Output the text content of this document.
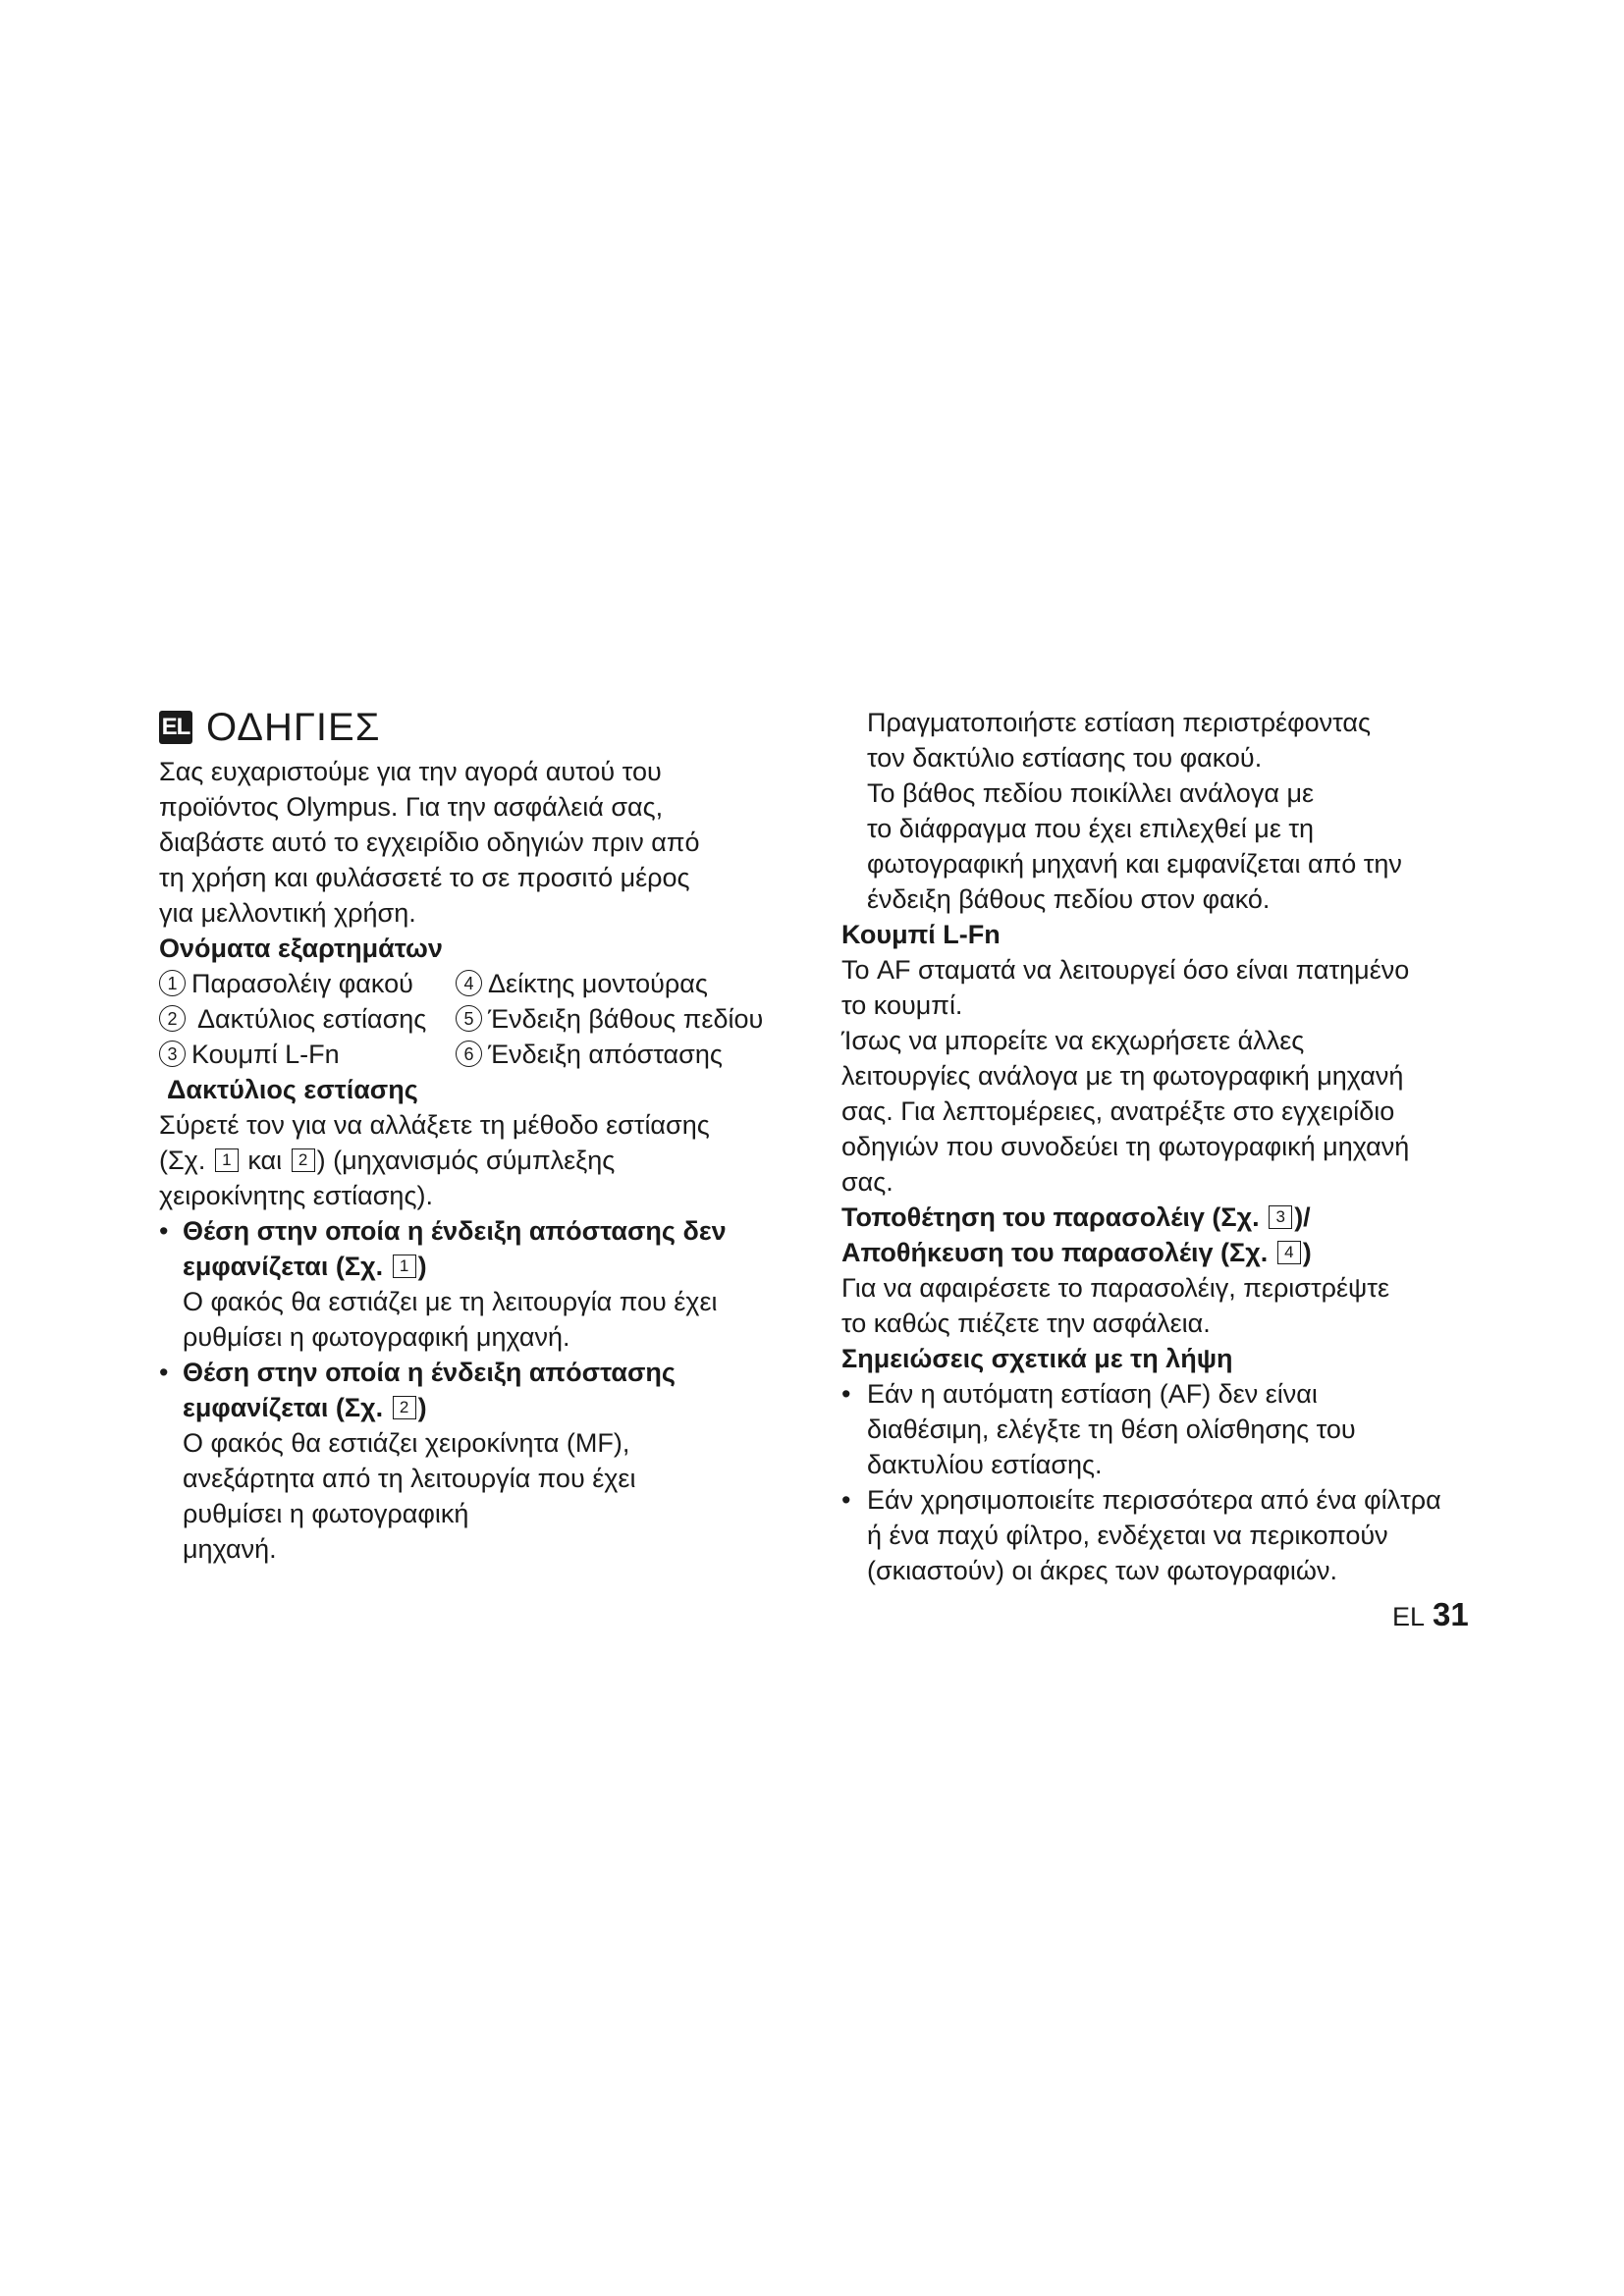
EL ΟΔΗΓΙΕΣ
Σας ευχαριστούμε για την αγορά αυτού του
προϊόντος Olympus. Για την ασφάλειά σας,
διαβάστε αυτό το εγχειρίδιο οδηγιών πριν από
τη χρήση και φυλάσσετέ το σε προσιτό μέρος
για μελλοντική χρήση.
Ονόματα εξαρτημάτων
1 Παρασολέιγ φακού	4 Δείκτης μοντούρας
2 Δακτύλιος εστίασης	5 Ένδειξη βάθους πεδίου
3 Κουμπί L-Fn	6 Ένδειξη απόστασης
Δακτύλιος εστίασης
Σύρετέ τον για να αλλάξετε τη μέθοδο εστίασης
(Σχ. 1 και 2 ) (μηχανισμός σύμπλεξης
χειροκίνητης εστίασης).
• Θέση στην οποία η ένδειξη απόστασης δεν
εμφανίζεται (Σχ. 1 )
Ο φακός θα εστιάζει με τη λειτουργία που έχει
ρυθμίσει η φωτογραφική μηχανή.
• Θέση στην οποία η ένδειξη απόστασης
εμφανίζεται (Σχ. 2 )
Ο φακός θα εστιάζει χειροκίνητα (MF),
ανεξάρτητα από τη λειτουργία που έχει
ρυθμίσει η φωτογραφική
μηχανή.
Πραγματοποιήστε εστίαση περιστρέφοντας
τον δακτύλιο εστίασης του φακού.
Το βάθος πεδίου ποικίλλει ανάλογα με
το διάφραγμα που έχει επιλεχθεί με τη
φωτογραφική μηχανή και εμφανίζεται από την
ένδειξη βάθους πεδίου στον φακό.
Κουμπί L-Fn
Το AF σταματά να λειτουργεί όσο είναι πατημένο
το κουμπί.
Ίσως να μπορείτε να εκχωρήσετε άλλες
λειτουργίες ανάλογα με τη φωτογραφική μηχανή
σας. Για λεπτομέρειες, ανατρέξτε στο εγχειρίδιο
οδηγιών που συνοδεύει τη φωτογραφική μηχανή
σας.
Τοποθέτηση του παρασολέιγ (Σχ. 3 )/
Αποθήκευση του παρασολέιγ (Σχ. 4 )
Για να αφαιρέσετε το παρασολέιγ, περιστρέψτε
το καθώς πιέζετε την ασφάλεια.
Σημειώσεις σχετικά με τη λήψη
• Εάν η αυτόματη εστίαση (AF) δεν είναι
διαθέσιμη, ελέγξτε τη θέση ολίσθησης του
δακτυλίου εστίασης.
• Εάν χρησιμοποιείτε περισσότερα από ένα φίλτρα
ή ένα παχύ φίλτρο, ενδέχεται να περικοπούν
(σκιαστούν) οι άκρες των φωτογραφιών.
EL 31
